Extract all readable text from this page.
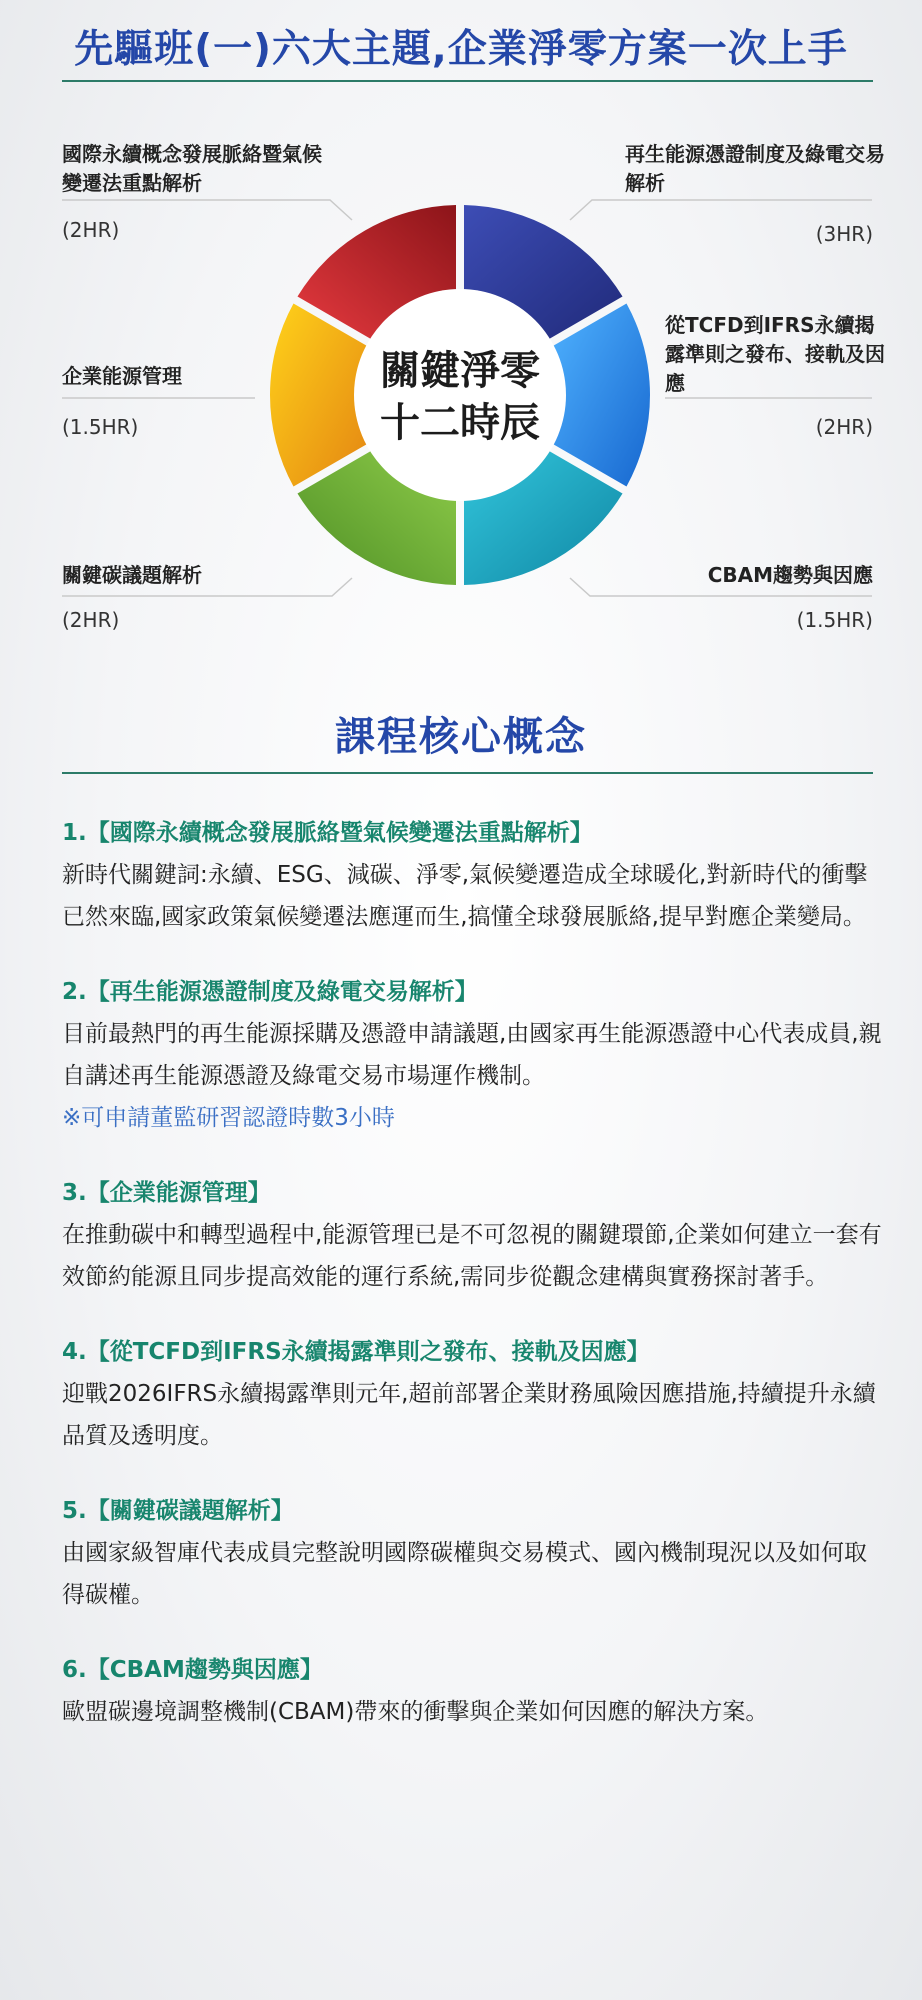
先驅班(一)六大主題,企業淨零方案一次上手
國際永續概念發展脈絡暨氣候變遷法重點解析
(2HR)
再生能源憑證制度及綠電交易解析
(3HR)
企業能源管理
(1.5HR)
從TCFD到IFRS永續揭露準則之發布、接軌及因應
(2HR)
關鍵碳議題解析
(2HR)
CBAM趨勢與因應
(1.5HR)
關鍵淨零
十二時辰
課程核心概念
1.【國際永續概念發展脈絡暨氣候變遷法重點解析】
新時代關鍵詞:永續、ESG、減碳、淨零,氣候變遷造成全球暖化,對新時代的衝擊已然來臨,國家政策氣候變遷法應運而生,搞懂全球發展脈絡,提早對應企業變局。
2.【再生能源憑證制度及綠電交易解析】
目前最熱門的再生能源採購及憑證申請議題,由國家再生能源憑證中心代表成員,親自講述再生能源憑證及綠電交易市場運作機制。
※可申請董監研習認證時數3小時
3.【企業能源管理】
在推動碳中和轉型過程中,能源管理已是不可忽視的關鍵環節,企業如何建立一套有效節約能源且同步提高效能的運行系統,需同步從觀念建構與實務探討著手。
4.【從TCFD到IFRS永續揭露準則之發布、接軌及因應】
迎戰2026IFRS永續揭露準則元年,超前部署企業財務風險因應措施,持續提升永續品質及透明度。
5.【關鍵碳議題解析】
由國家級智庫代表成員完整說明國際碳權與交易模式、國內機制現況以及如何取得碳權。
6.【CBAM趨勢與因應】
歐盟碳邊境調整機制(CBAM)帶來的衝擊與企業如何因應的解決方案。
